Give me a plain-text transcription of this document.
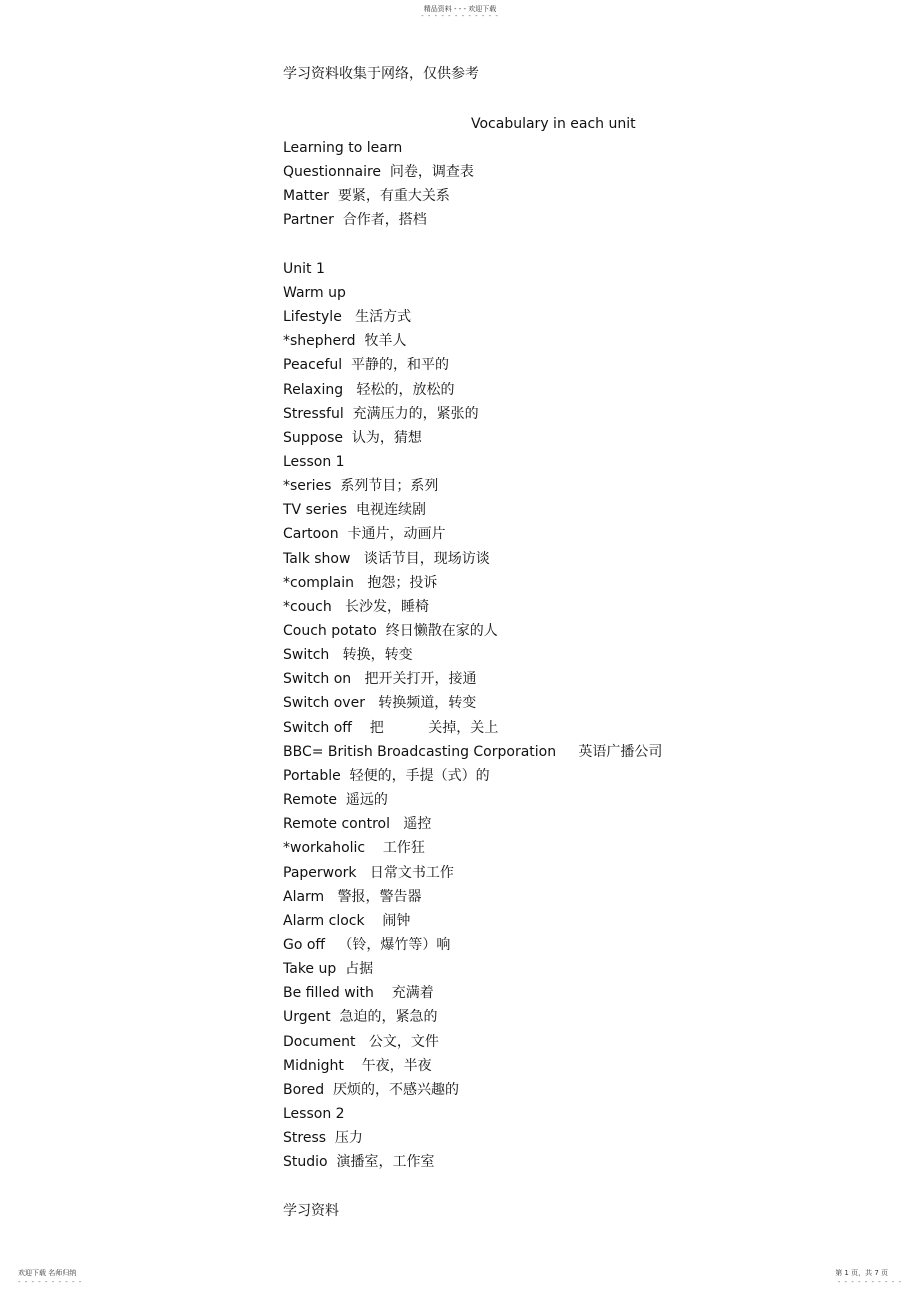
精品资料 - - - 欢迎下载
- - - - - - - - - - - -
学习资料收集于网络，仅供参考
Vocabulary in each unit
Learning to learn
Questionnaire  问卷，调查表
Matter  要紧，有重大关系
Partner  合作者，搭档
Unit 1
Warm up
Lifestyle   生活方式
*shepherd  牧羊人
Peaceful  平静的，和平的
Relaxing   轻松的，放松的
Stressful  充满压力的，紧张的
Suppose  认为，猜想
Lesson 1
*series  系列节目；系列
TV series  电视连续剧
Cartoon  卡通片，动画片
Talk show   谈话节目，现场访谈
*complain   抱怨；投诉
*couch   长沙发，睡椅
Couch potato  终日懒散在家的人
Switch   转换，转变
Switch on   把开关打开，接通
Switch over   转换频道，转变
Switch off    把          关掉，关上
BBC= British Broadcasting Corporation     英语广播公司
Portable  轻便的，手提（式）的
Remote  遥远的
Remote control   遥控
*workaholic    工作狂
Paperwork   日常文书工作
Alarm   警报，警告器
Alarm clock    闹钟
Go off   （铃，爆竹等）响
Take up  占据
Be filled with    充满着
Urgent  急迫的，紧急的
Document   公文，文件
Midnight    午夜，半夜
Bored  厌烦的，不感兴趣的
Lesson 2
Stress  压力
Studio  演播室，工作室
学习资料
欢迎下载 名师归纳	第 1 页，共 7 页
- - - - - - - - - -	- - - - - - - - - -
